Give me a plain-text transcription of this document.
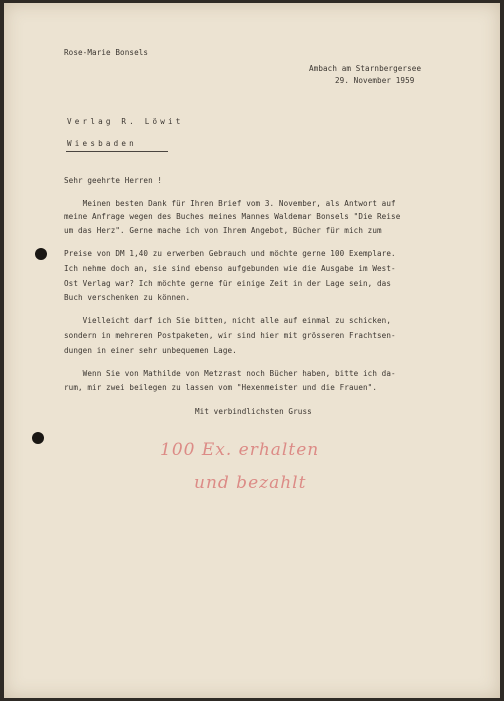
Rose-Marie Bonsels
Ambach am Starnbergersee
29. November 1959
Verlag R. Löwit
Wiesbaden
Sehr geehrte Herren !
Meinen besten Dank für Ihren Brief vom 3. November, als Antwort auf
meine Anfrage wegen des Buches meines Mannes Waldemar Bonsels "Die Reise
um das Herz". Gerne mache ich von Ihrem Angebot, Bücher für mich zum
Preise von DM 1,40 zu erwerben Gebrauch und möchte gerne 100 Exemplare.
Ich nehme doch an, sie sind ebenso aufgebunden wie die Ausgabe im West-
Ost Verlag war? Ich möchte gerne für einige Zeit in der Lage sein, das
Buch verschenken zu können.
Vielleicht darf ich Sie bitten, nicht alle auf einmal zu schicken,
sondern in mehreren Postpaketen, wir sind hier mit grösseren Frachtsen-
dungen in einer sehr unbequemen Lage.
Wenn Sie von Mathilde von Metzrast noch Bücher haben, bitte ich da-
rum, mir zwei beilegen zu lassen vom "Hexenmeister und die Frauen".
Mit verbindlichsten Gruss
100 Ex. erhalten
und bezahlt
